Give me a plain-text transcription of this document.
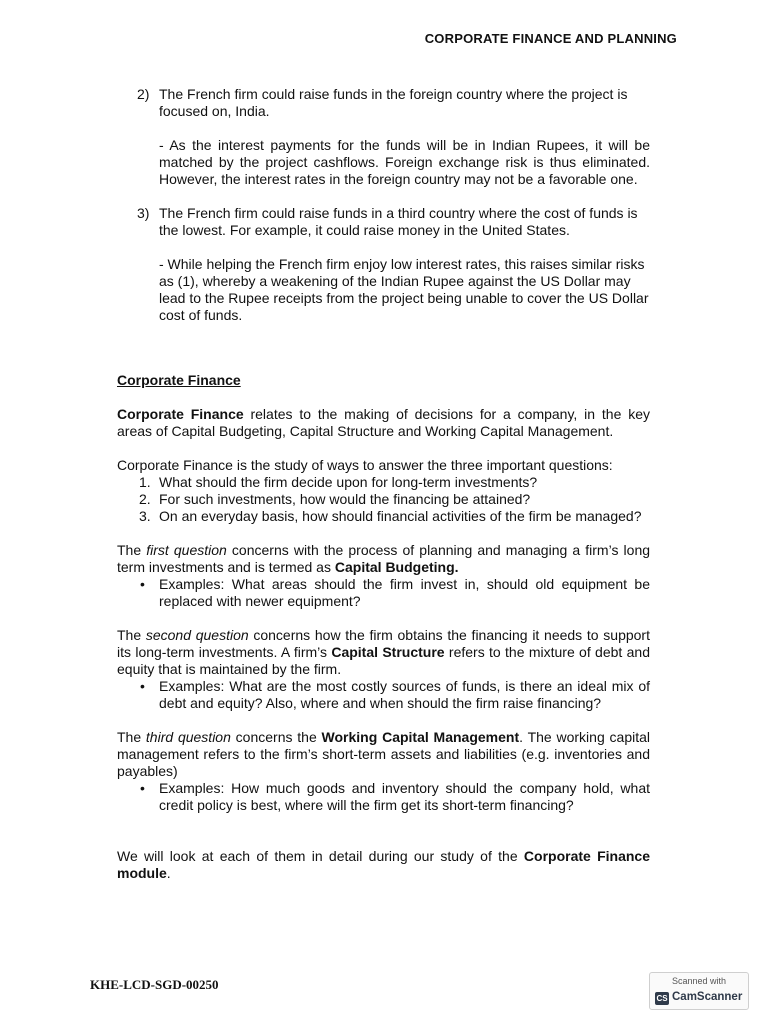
CORPORATE FINANCE AND PLANNING
2) The French firm could raise funds in the foreign country where the project is focused on, India.

- As the interest payments for the funds will be in Indian Rupees, it will be matched by the project cashflows. Foreign exchange risk is thus eliminated. However, the interest rates in the foreign country may not be a favorable one.

3) The French firm could raise funds in a third country where the cost of funds is the lowest. For example, it could raise money in the United States.

- While helping the French firm enjoy low interest rates, this raises similar risks as (1), whereby a weakening of the Indian Rupee against the US Dollar may lead to the Rupee receipts from the project being unable to cover the US Dollar cost of funds.

Corporate Finance

Corporate Finance relates to the making of decisions for a company, in the key areas of Capital Budgeting, Capital Structure and Working Capital Management.

Corporate Finance is the study of ways to answer the three important questions:

1. What should the firm decide upon for long-term investments?
2. For such investments, how would the financing be attained?
3. On an everyday basis, how should financial activities of the firm be managed?

The first question concerns with the process of planning and managing a firm’s long term investments and is termed as Capital Budgeting.

•	Examples: What areas should the firm invest in, should old equipment be replaced with newer equipment?

The second question concerns how the firm obtains the financing it needs to support its long-term investments. A firm’s Capital Structure refers to the mixture of debt and equity that is maintained by the firm.

•	Examples: What are the most costly sources of funds, is there an ideal mix of debt and equity? Also, where and when should the firm raise financing?

The third question concerns the Working Capital Management. The working capital management refers to the firm’s short-term assets and liabilities (e.g. inventories and payables)

•	Examples: How much goods and inventory should the company hold, what credit policy is best, where will the firm get its short-term financing?

We will look at each of them in detail during our study of the Corporate Finance module.

KHE-LCD-SGD-00250	Scanned with
CS CamScanner
